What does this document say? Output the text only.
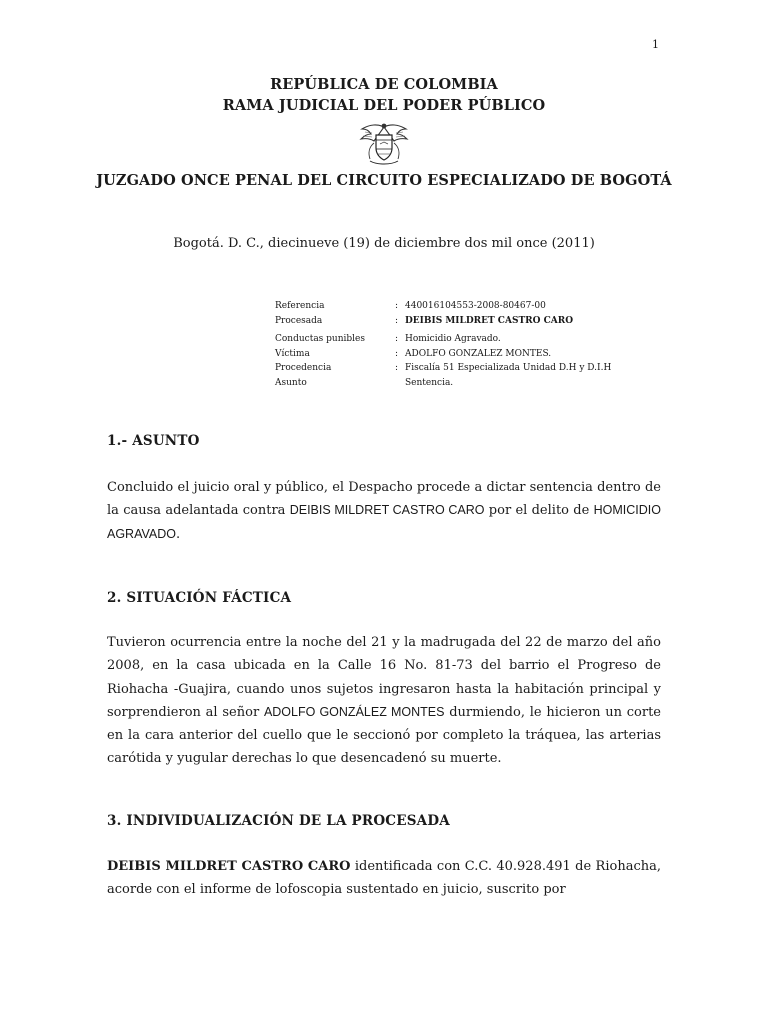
1
REPÚBLICA DE COLOMBIA
RAMA JUDICIAL DEL PODER PÚBLICO
JUZGADO ONCE PENAL DEL CIRCUITO ESPECIALIZADO DE BOGOTÁ
Bogotá. D. C., diecinueve (19) de diciembre dos mil once (2011)
Referencia	: 440016104553-2008-80467-00
Procesada	: DEIBIS MILDRET CASTRO CARO
Conductas punibles	: Homicidio Agravado.
Víctima	: ADOLFO GONZALEZ MONTES.
Procedencia	: Fiscalía 51 Especializada Unidad D.H y D.I.H
Asunto	Sentencia.
1.- ASUNTO
Concluido el juicio oral y público, el Despacho procede a dictar sentencia dentro de la causa adelantada contra DEIBIS MILDRET CASTRO CARO por el delito de HOMICIDIO AGRAVADO.
2. SITUACIÓN FÁCTICA
Tuvieron ocurrencia entre la noche del 21 y la madrugada del 22 de marzo del año 2008, en la casa ubicada en la Calle 16 No. 81-73 del barrio el Progreso de Riohacha -Guajira, cuando unos sujetos ingresaron hasta la habitación principal y sorprendieron al señor ADOLFO GONZÁLEZ MONTES durmiendo, le hicieron un corte en la cara anterior del cuello que le seccionó por completo la tráquea, las arterias carótida y yugular derechas lo que desencadenó su muerte.
3. INDIVIDUALIZACIÓN DE LA PROCESADA
DEIBIS MILDRET CASTRO CARO identificada con C.C. 40.928.491 de Riohacha, acorde con el informe de lofoscopia sustentado en juicio, suscrito por
